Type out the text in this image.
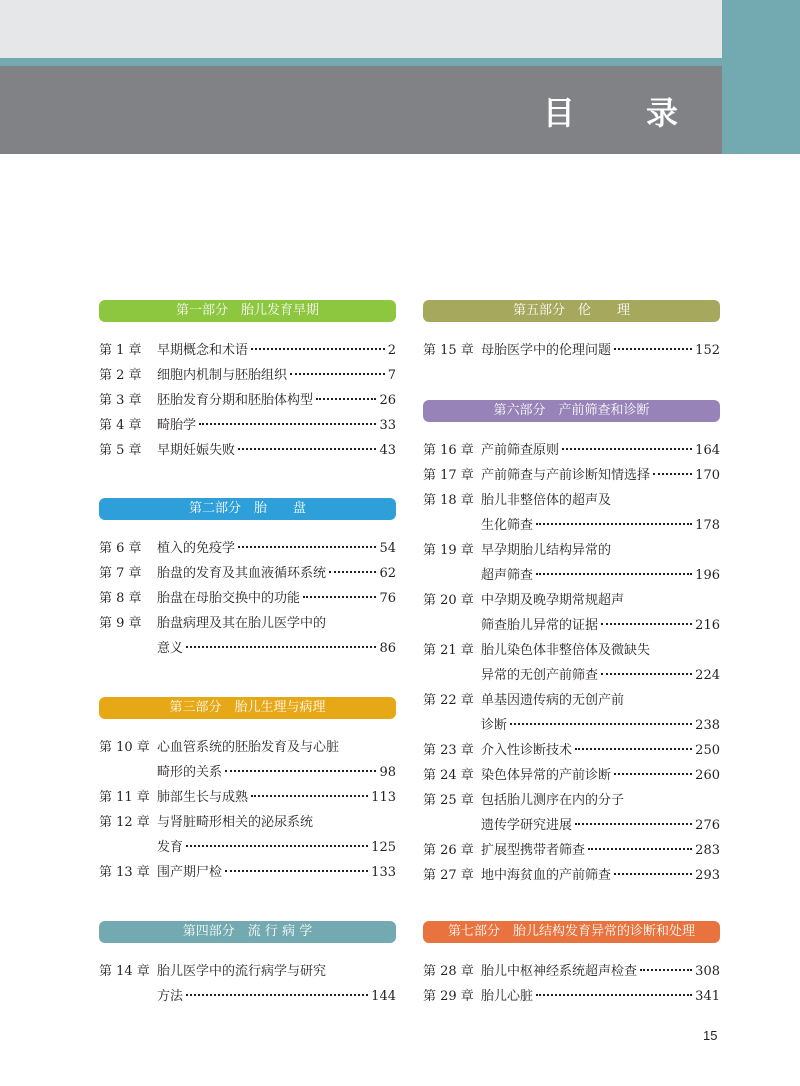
目 录
第一部分　胎儿发育早期
第 1 章	早期概念和术语	2
第 2 章	细胞内机制与胚胎组织	7
第 3 章	胚胎发育分期和胚胎体构型	26
第 4 章	畸胎学	33
第 5 章	早期妊娠失败	43
第二部分　胎　　盘
第 6 章	植入的免疫学	54
第 7 章	胎盘的发育及其血液循环系统	62
第 8 章	胎盘在母胎交换中的功能	76
第 9 章	胎盘病理及其在胎儿医学中的
意义	86
第三部分　胎儿生理与病理
第 10 章 心血管系统的胚胎发育及与心脏
畸形的关系	98
第 11 章 肺部生长与成熟	113
第 12 章 与肾脏畸形相关的泌尿系统
发育	125
第 13 章 围产期尸检	133
第四部分　流 行 病 学
第 14 章 胎儿医学中的流行病学与研究
方法	144
第五部分　伦　　理
第 15 章 母胎医学中的伦理问题	152
第六部分　产前筛查和诊断
第 16 章 产前筛查原则	164
第 17 章 产前筛查与产前诊断知情选择	170
第 18 章 胎儿非整倍体的超声及
生化筛查	178
第 19 章 早孕期胎儿结构异常的
超声筛查	196
第 20 章 中孕期及晚孕期常规超声
筛查胎儿异常的证据	216
第 21 章 胎儿染色体非整倍体及微缺失
异常的无创产前筛查	224
第 22 章 单基因遗传病的无创产前
诊断	238
第 23 章 介入性诊断技术	250
第 24 章 染色体异常的产前诊断	260
第 25 章 包括胎儿测序在内的分子
遗传学研究进展	276
第 26 章 扩展型携带者筛查	283
第 27 章 地中海贫血的产前筛查	293
第七部分　胎儿结构发育异常的诊断和处理
第 28 章 胎儿中枢神经系统超声检查	308
第 29 章 胎儿心脏	341
15
